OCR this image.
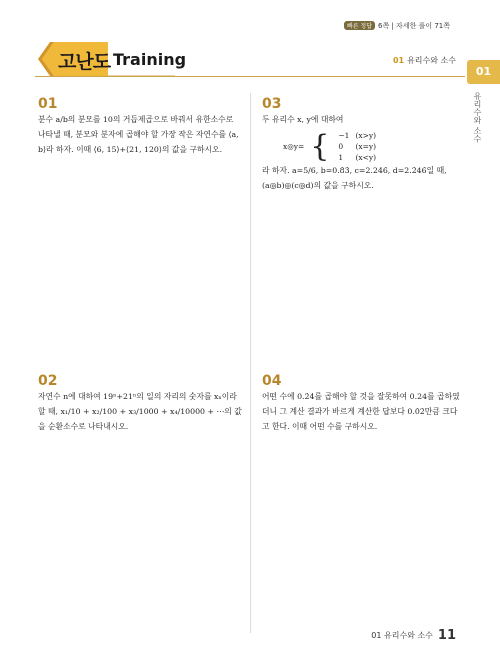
빠른 정답 6쪽 | 자세한 풀이 71쪽
고난도 Training	01 유리수와 소수
01
유리수와 소수
01
분수 a/b의 분모를 10의 거듭제곱으로 바꿔서 유한소수로 나타낼 때, 분모와 분자에 곱해야 할 가장 작은 자연수를 ⟨a, b⟩라 하자. 이때 ⟨6, 15⟩+⟨21, 120⟩의 값을 구하시오.
02
자연수 n에 대하여 19ⁿ+21ⁿ의 일의 자리의 숫자를 xₙ이라 할 때, x₁/10 + x₂/100 + x₃/1000 + x₄/10000 + ⋯의 값을 순환소수로 나타내시오.
03
두 유리수 x, y에 대하여
x◎y=	{	−1	(x>y)
0	(x=y)
1	(x<y)
라 하자. a=5/6, b=0.8̇3̇, c=2.24̇6̇, d=2.2̇46̇일 때, (a◎b)◎(c◎d)의 값을 구하시오.
04
어떤 수에 0.2̇4̇를 곱해야 할 것을 잘못하여 0.24를 곱하였더니 그 계산 결과가 바르게 계산한 답보다 0.0̇2̇만큼 크다고 한다. 이때 어떤 수를 구하시오.
01 유리수와 소수 11
